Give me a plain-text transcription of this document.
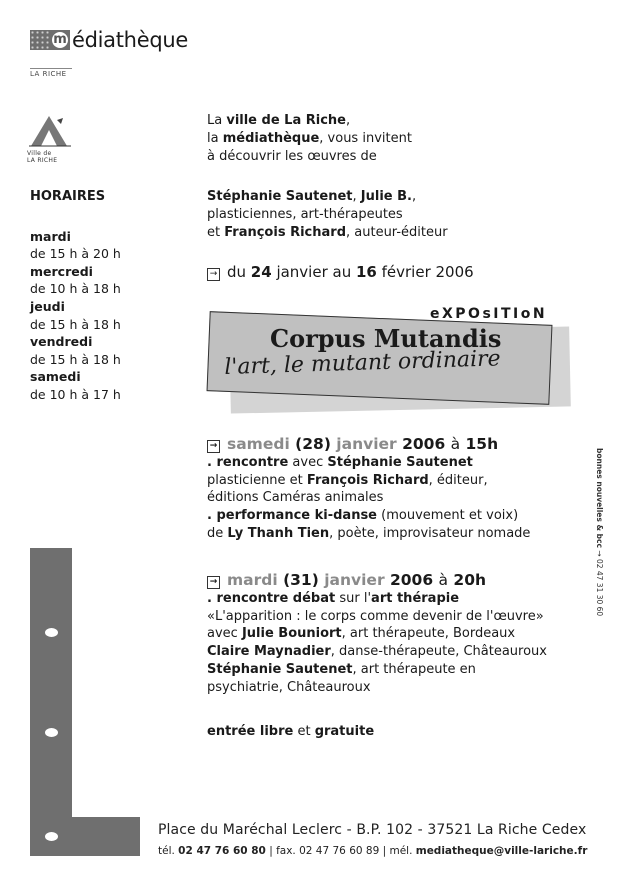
m édiathèque
LA RICHE
Ville de
LA RICHE
HORAIRES
mardi
de 15 h à 20 h
mercredi
de 10 h à 18 h
jeudi
de 15 h à 18 h
vendredi
de 15 h à 18 h
samedi
de 10 h à 17 h

La ville de La Riche,

la médiathèque, vous invitent

à découvrir les œuvres de

Stéphanie Sautenet, Julie B.,

plasticiennes, art-thérapeutes

et François Richard, auteur-éditeur

→ du 24 janvier au 16 février 2006
eXPOsITIoN
Corpus Mutandis
l'art, le mutant ordinaire

→ samedi (28) janvier 2006 à 15h

. rencontre avec Stéphanie Sautenet

plasticienne et François Richard, éditeur,

éditions Caméras animales

. performance ki-danse (mouvement et voix)

de Ly Thanh Tien, poète, improvisateur nomade

→ mardi (31) janvier 2006 à 20h

. rencontre débat sur l'art thérapie

«L'apparition : le corps comme devenir de l'œuvre»

avec Julie Bouniort, art thérapeute, Bordeaux

Claire Maynadier, danse-thérapeute, Châteauroux

Stéphanie Sautenet, art thérapeute en

psychiatrie, Châteauroux

entrée libre et gratuite

bonnes nouvelles & bcc → 02 47 31 30 60
Place du Maréchal Leclerc - B.P. 102 - 37521 La Riche Cedex
tél. 02 47 76 60 80 | fax. 02 47 76 60 89 | mél. mediatheque@ville-lariche.fr
